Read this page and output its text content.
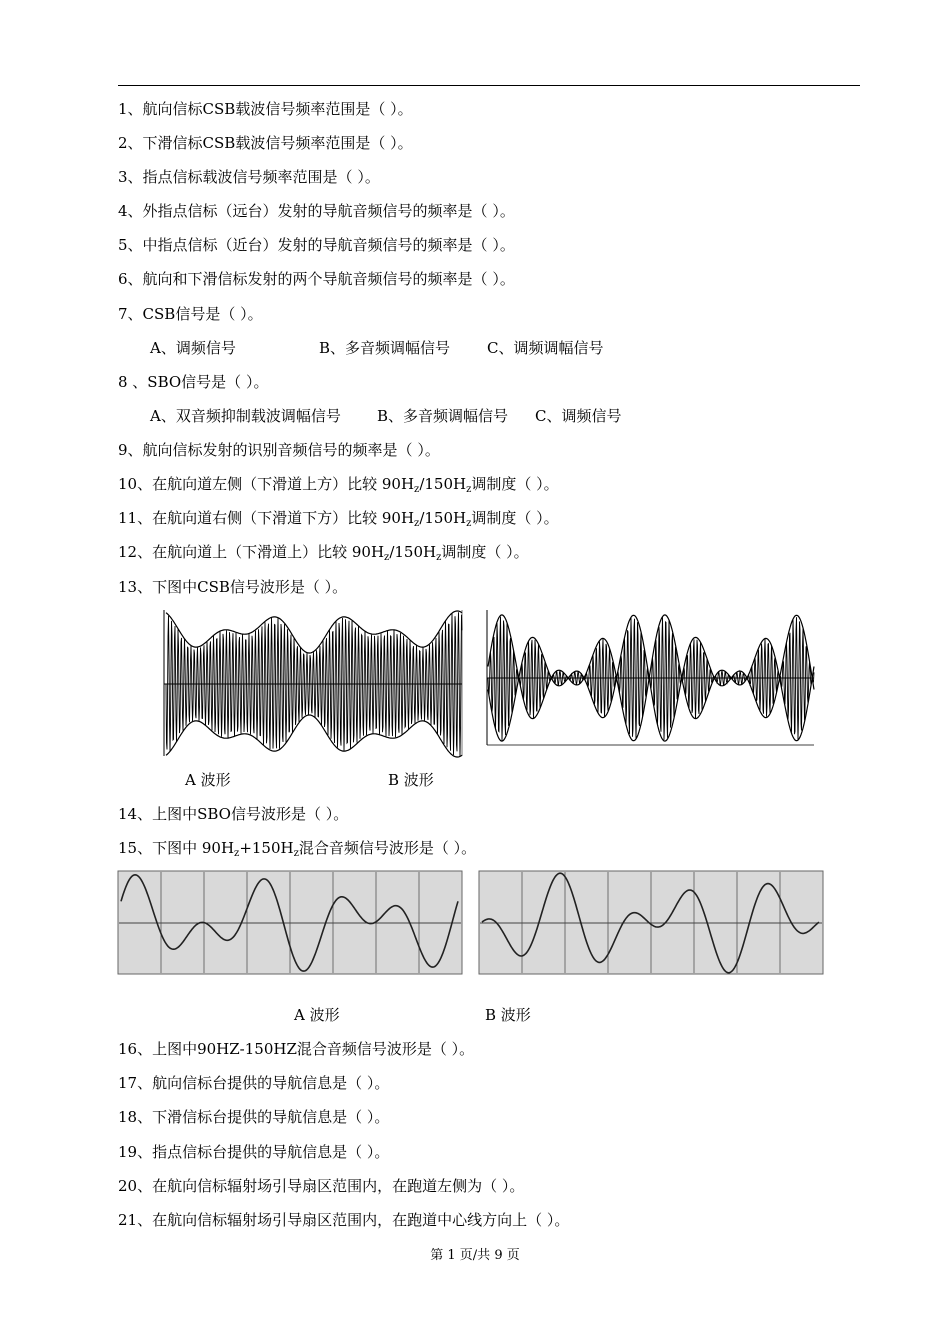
1、航向信标CSB载波信号频率范围是（ ）。
2、下滑信标CSB载波信号频率范围是（ ）。
3、指点信标载波信号频率范围是（ ）。
4、外指点信标（远台）发射的导航音频信号的频率是（ ）。
5、中指点信标（近台）发射的导航音频信号的频率是（ ）。
6、航向和下滑信标发射的两个导航音频信号的频率是（ ）。
7、CSB信号是（ ）。
A、调频信号	B、多音频调幅信号 C、调频调幅信号
8 、SBO信号是（ ）。
A、双音频抑制载波调幅信号 B、多音频调幅信号 C、调频信号
9、航向信标发射的识别音频信号的频率是（ ）。
10、在航向道左侧（下滑道上方）比较 $90H_z/150H_z$调制度（ ）。
11、在航向道右侧（下滑道下方）比较 $90H_z/150H_z$调制度（ ）。
12、在航向道上（下滑道上）比较 $90H_z/150H_z$调制度（ ）。
13、下图中CSB信号波形是（ ）。
A 波形	B 波形
14、上图中SBO信号波形是（ ）。
15、下图中 $90H_z+150H_z$混合音频信号波形是（ ）。
A 波形	B 波形
16、上图中90HZ-150HZ混合音频信号波形是（ ）。
17、航向信标台提供的导航信息是（ ）。
18、下滑信标台提供的导航信息是（ ）。
19、指点信标台提供的导航信息是（ ）。
20、在航向信标辐射场引导扇区范围内，在跑道左侧为（ ）。
21、在航向信标辐射场引导扇区范围内，在跑道中心线方向上（ ）。
第 1 页/共 9 页
